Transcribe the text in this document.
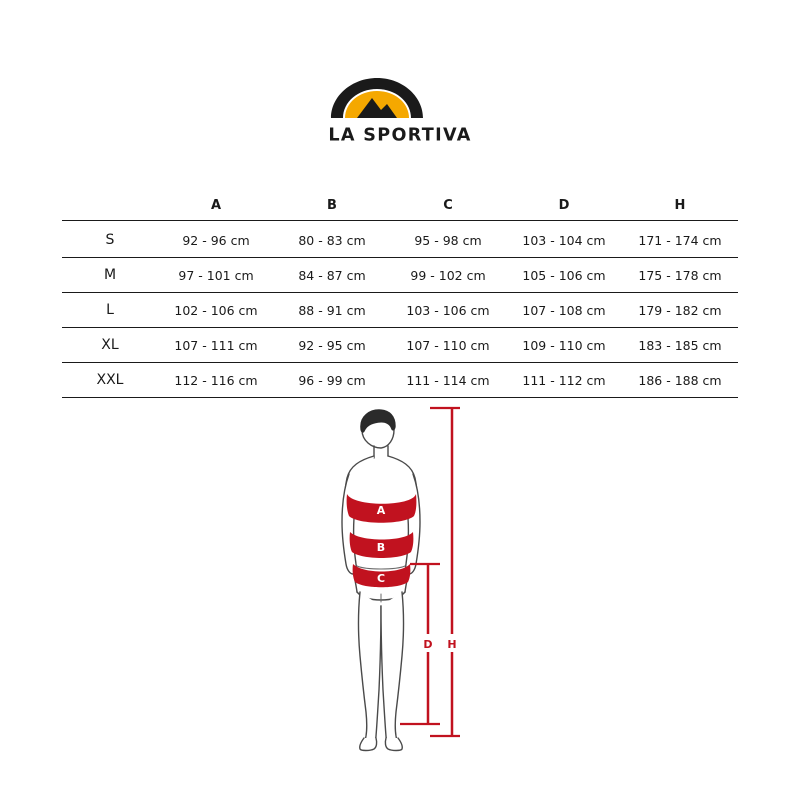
LA SPORTIVA
	A	B	C	D	H
S	92 - 96 cm	80 - 83 cm	95 - 98 cm	103 - 104 cm	171 - 174 cm
M	97 - 101 cm	84 - 87 cm	99 - 102 cm	105 - 106 cm	175 - 178 cm
L	102 - 106 cm	88 - 91 cm	103 - 106 cm	107 - 108 cm	179 - 182 cm
XL	107 - 111 cm	92 - 95 cm	107 - 110 cm	109 - 110 cm	183 - 185 cm
XXL	112 - 116 cm	96 - 99 cm	111 - 114 cm	111 - 112 cm	186 - 188 cm
A
B
C
D H
